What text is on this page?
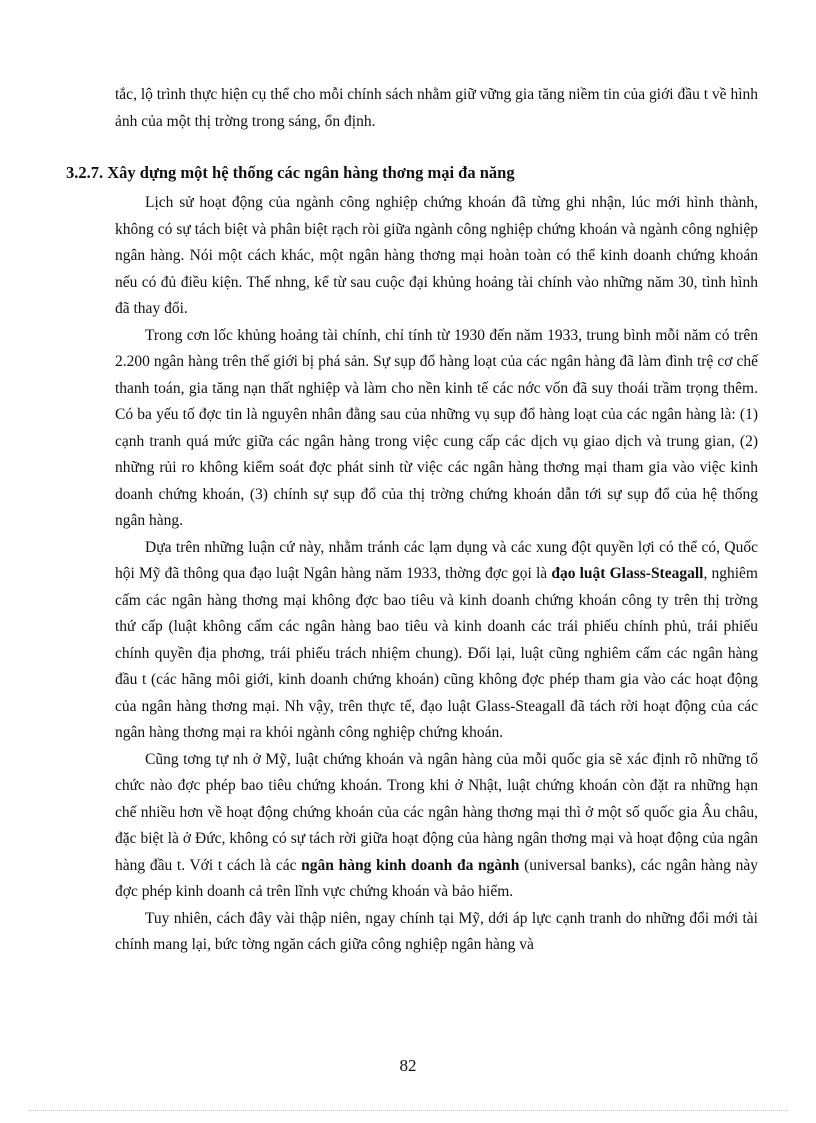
tắc, lộ trình thực hiện cụ thể cho mỗi chính sách nhằm giữ vững gia tăng niềm tin của giới đầu t về hình ảnh của một thị trờng trong sáng, ổn định.
3.2.7. Xây dựng một hệ thống các ngân hàng thơng mại đa năng

Lịch sử hoạt động của ngành công nghiệp chứng khoán đã từng ghi nhận, lúc mới hình thành, không có sự tách biệt và phân biệt rạch ròi giữa ngành công nghiệp chứng khoán và ngành công nghiệp ngân hàng. Nói một cách khác, một ngân hàng thơng mại hoàn toàn có thể kinh doanh chứng khoán nếu có đủ điều kiện. Thế nhng, kể từ sau cuộc đại khủng hoảng tài chính vào những năm 30, tình hình đã thay đổi.

Trong cơn lốc khủng hoảng tài chính, chỉ tính từ 1930 đến năm 1933, trung bình mỗi năm có trên 2.200 ngân hàng trên thế giới bị phá sản. Sự sụp đổ hàng loạt của các ngân hàng đã làm đình trệ cơ chế thanh toán, gia tăng nạn thất nghiệp và làm cho nền kinh tế các nớc vốn đã suy thoái trầm trọng thêm. Có ba yếu tố đợc tin là nguyên nhân đằng sau của những vụ sụp đổ hàng loạt của các ngân hàng là: (1) cạnh tranh quá mức giữa các ngân hàng trong việc cung cấp các dịch vụ giao dịch và trung gian, (2) những rủi ro không kiểm soát đợc phát sinh từ việc các ngân hàng thơng mại tham gia vào việc kinh doanh chứng khoán, (3) chính sự sụp đổ của thị trờng chứng khoán dẫn tới sự sụp đổ của hệ thống ngân hàng.

Dựa trên những luận cứ này, nhằm tránh các lạm dụng và các xung đột quyền lợi có thể có, Quốc hội Mỹ đã thông qua đạo luật Ngân hàng năm 1933, thờng đợc gọi là đạo luật Glass-Steagall, nghiêm cấm các ngân hàng thơng mại không đợc bao tiêu và kinh doanh chứng khoán công ty trên thị trờng thứ cấp (luật không cấm các ngân hàng bao tiêu và kinh doanh các trái phiếu chính phủ, trái phiếu chính quyền địa phơng, trái phiếu trách nhiệm chung). Đổi lại, luật cũng nghiêm cấm các ngân hàng đầu t (các hãng môi giới, kinh doanh chứng khoán) cũng không đợc phép tham gia vào các hoạt động của ngân hàng thơng mại. Nh vậy, trên thực tế, đạo luật Glass-Steagall đã tách rời hoạt động của các ngân hàng thơng mại ra khỏi ngành công nghiệp chứng khoán.

Cũng tơng tự nh ở Mỹ, luật chứng khoán và ngân hàng của mỗi quốc gia sẽ xác định rõ những tổ chức nào đợc phép bao tiêu chứng khoán. Trong khi ở Nhật, luật chứng khoán còn đặt ra những hạn chế nhiều hơn về hoạt động chứng khoán của các ngân hàng thơng mại thì ở một số quốc gia Âu châu, đặc biệt là ở Đức, không có sự tách rời giữa hoạt động của hàng ngân thơng mại và hoạt động của ngân hàng đầu t. Với t cách là các ngân hàng kinh doanh đa ngành (universal banks), các ngân hàng này đợc phép kinh doanh cả trên lĩnh vực chứng khoán và bảo hiểm.

Tuy nhiên, cách đây vài thập niên, ngay chính tại Mỹ, dới áp lực cạnh tranh do những đổi mới tài chính mang lại, bức tờng ngăn cách giữa công nghiệp ngân hàng và

82
